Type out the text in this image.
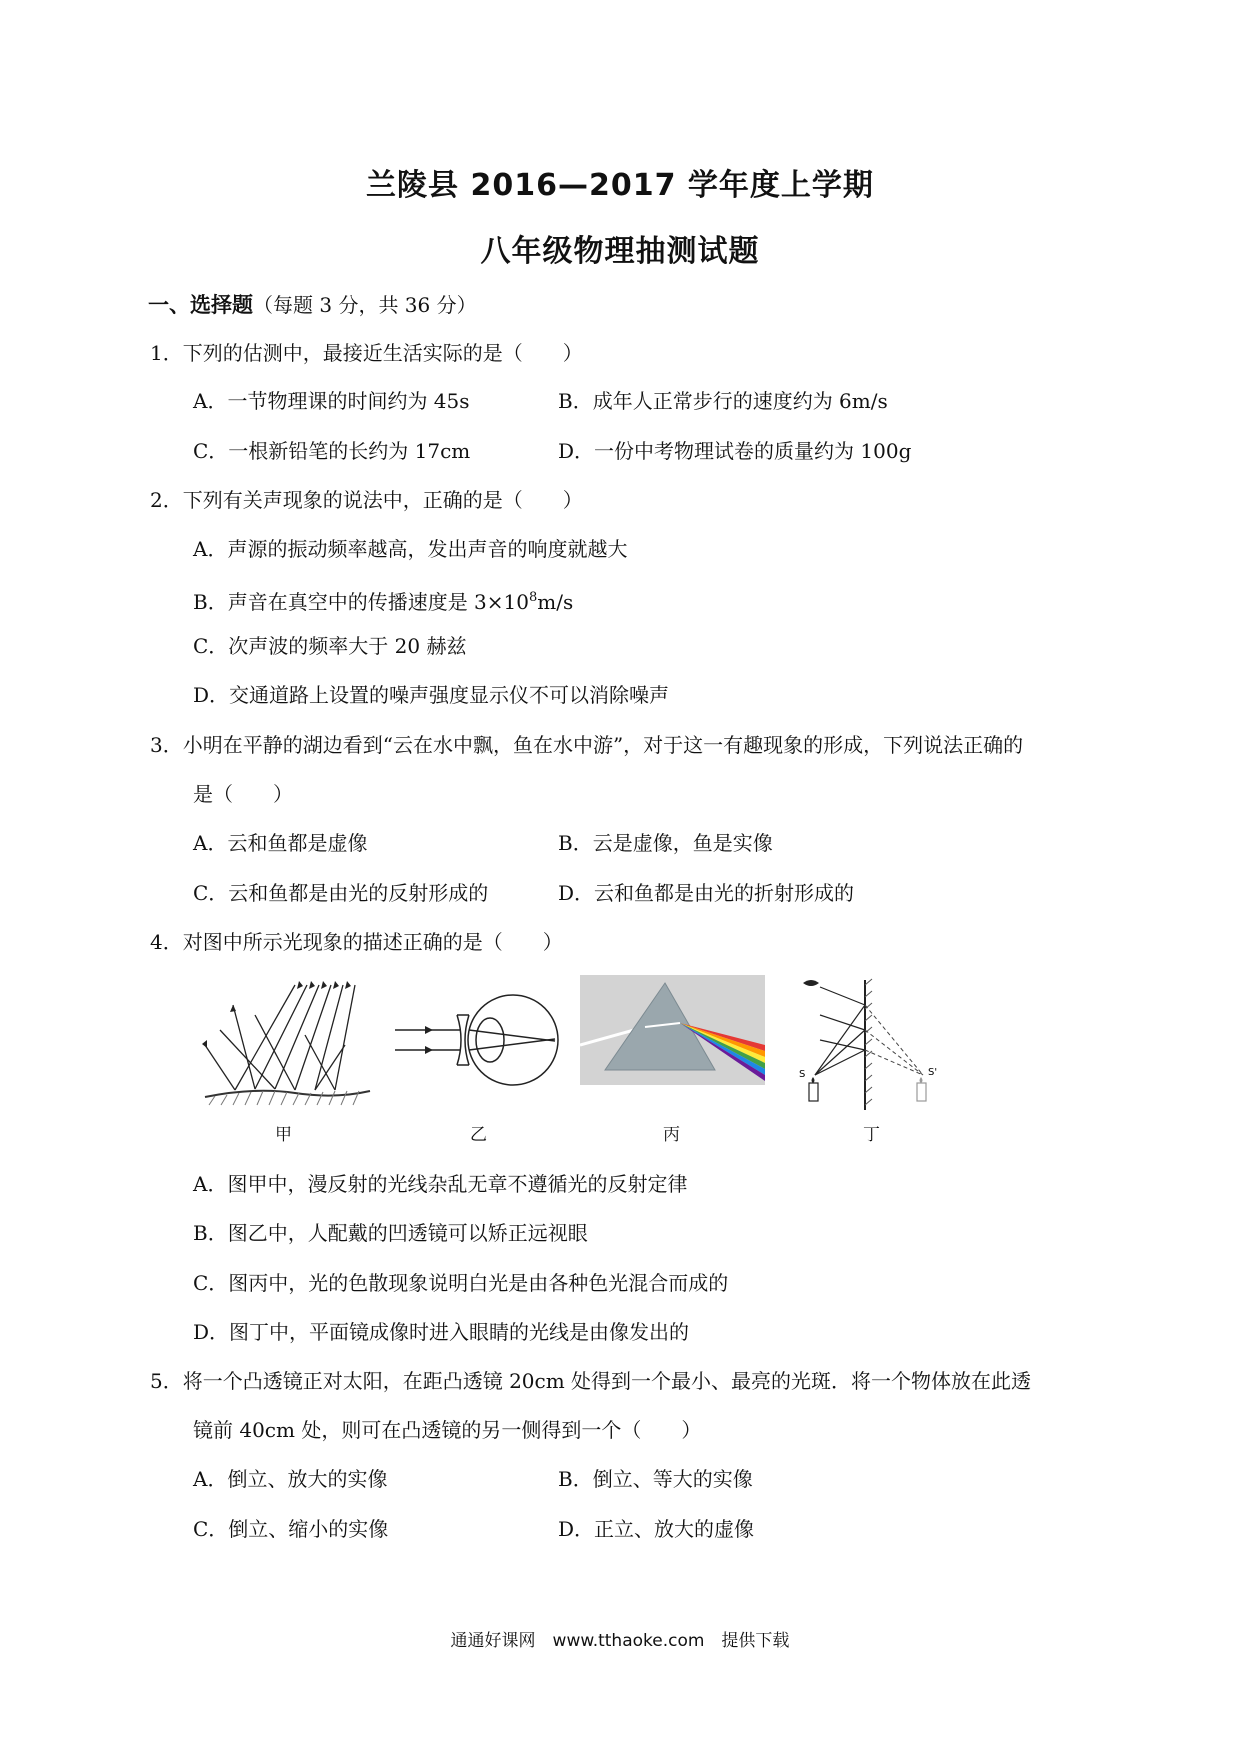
兰陵县 2016—2017 学年度上学期
八年级物理抽测试题
一、选择题（每题 3 分，共 36 分）
1．下列的估测中，最接近生活实际的是（　　）
A．一节物理课的时间约为 45s	B．成年人正常步行的速度约为 6m/s
C．一根新铅笔的长约为 17cm	D．一份中考物理试卷的质量约为 100g
2．下列有关声现象的说法中，正确的是（　　）
A．声源的振动频率越高，发出声音的响度就越大
B．声音在真空中的传播速度是 $3\times 10^8m/s$
C．次声波的频率大于 20 赫兹
D．交通道路上设置的噪声强度显示仪不可以消除噪声
3．小明在平静的湖边看到“云在水中飘，鱼在水中游”，对于这一有趣现象的形成，下列说法正确的
是（　　）
A．云和鱼都是虚像	B．云是虚像，鱼是实像
C．云和鱼都是由光的反射形成的	D．云和鱼都是由光的折射形成的
4．对图中所示光现象的描述正确的是（　　）
甲	乙	丙
S	S'
丁
A．图甲中，漫反射的光线杂乱无章不遵循光的反射定律
B．图乙中，人配戴的凹透镜可以矫正远视眼
C．图丙中，光的色散现象说明白光是由各种色光混合而成的
D．图丁中，平面镜成像时进入眼睛的光线是由像发出的
5．将一个凸透镜正对太阳，在距凸透镜 20cm 处得到一个最小、最亮的光斑．将一个物体放在此透
镜前 40cm 处，则可在凸透镜的另一侧得到一个（　　）
A．倒立、放大的实像	B．倒立、等大的实像
C．倒立、缩小的实像	D．正立、放大的虚像
通通好课网　www.tthaoke.com　提供下载
